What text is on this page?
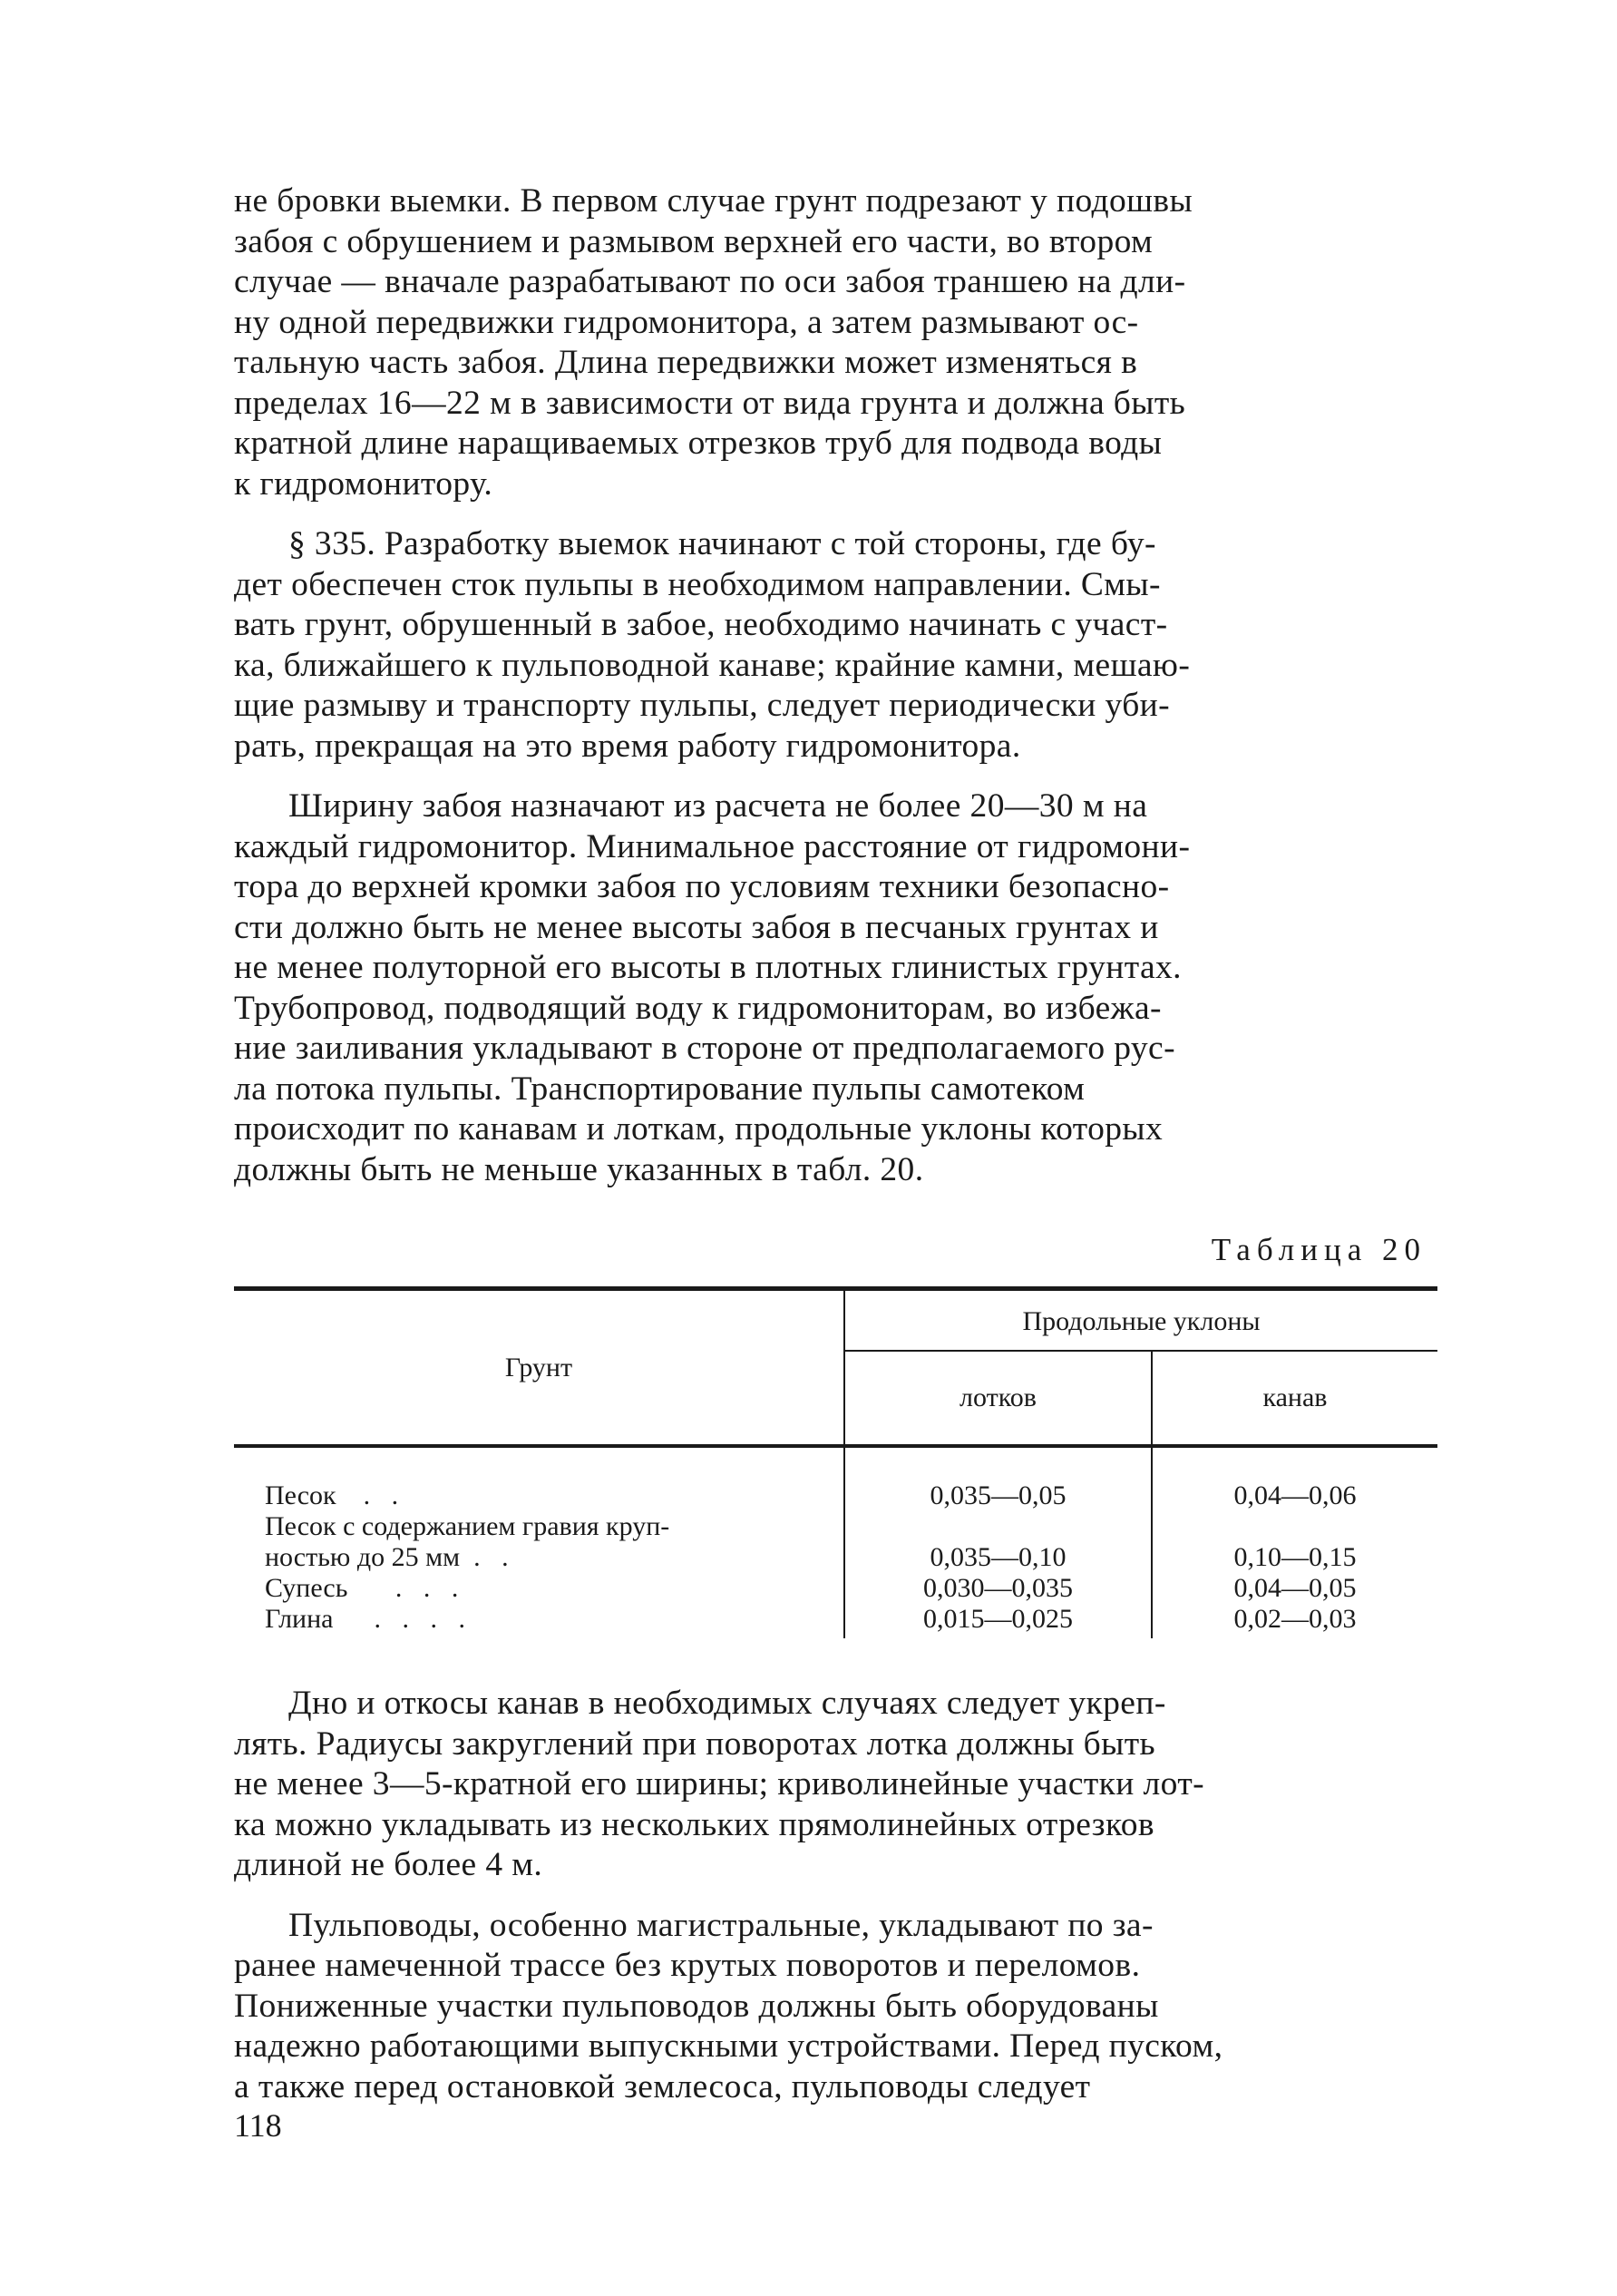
не бровки выемки. В первом случае грунт подрезают у подошвы
забоя с обрушением и размывом верхней его части, во втором
случае — вначале разрабатывают по оси забоя траншею на дли-
ну одной передвижки гидромонитора, а затем размывают ос-
тальную часть забоя. Длина передвижки может изменяться в
пределах 16—22 м в зависимости от вида грунта и должна быть
кратной длине наращиваемых отрезков труб для подвода воды
к гидромонитору.

§ 335. Разработку выемок начинают с той стороны, где бу-
дет обеспечен сток пульпы в необходимом направлении. Смы-
вать грунт, обрушенный в забое, необходимо начинать с участ-
ка, ближайшего к пульповодной канаве; крайние камни, мешаю-
щие размыву и транспорту пульпы, следует периодически уби-
рать, прекращая на это время работу гидромонитора.

Ширину забоя назначают из расчета не более 20—30 м на
каждый гидромонитор. Минимальное расстояние от гидромони-
тора до верхней кромки забоя по условиям техники безопасно-
сти должно быть не менее высоты забоя в песчаных грунтах и
не менее полуторной его высоты в плотных глинистых грунтах.
Трубопровод, подводящий воду к гидромониторам, во избежа-
ние заиливания укладывают в стороне от предполагаемого рус-
ла потока пульпы. Транспортирование пульпы самотеком
происходит по канавам и лоткам, продольные уклоны которых
должны быть не меньше указанных в табл. 20.

Таблица 20
Грунт	Продольные уклоны	
	лотков	канав
Песок . .	0,035—0,05	0,04—0,06

Песок с содержанием гравия круп-
ностью до 25 мм . .	0,035—0,10	0,10—0,15
Супесь . . .	0,030—0,035	0,04—0,05
Глина . . . .	0,015—0,025	0,02—0,03

Дно и откосы канав в необходимых случаях следует укреп-
лять. Радиусы закруглений при поворотах лотка должны быть
не менее 3—5-кратной его ширины; криволинейные участки лот-
ка можно укладывать из нескольких прямолинейных отрезков
длиной не более 4 м.

Пульповоды, особенно магистральные, укладывают по за-
ранее намеченной трассе без крутых поворотов и переломов.
Пониженные участки пульповодов должны быть оборудованы
надежно работающими выпускными устройствами. Перед пуском,
а также перед остановкой землесоса, пульповоды следует

118
